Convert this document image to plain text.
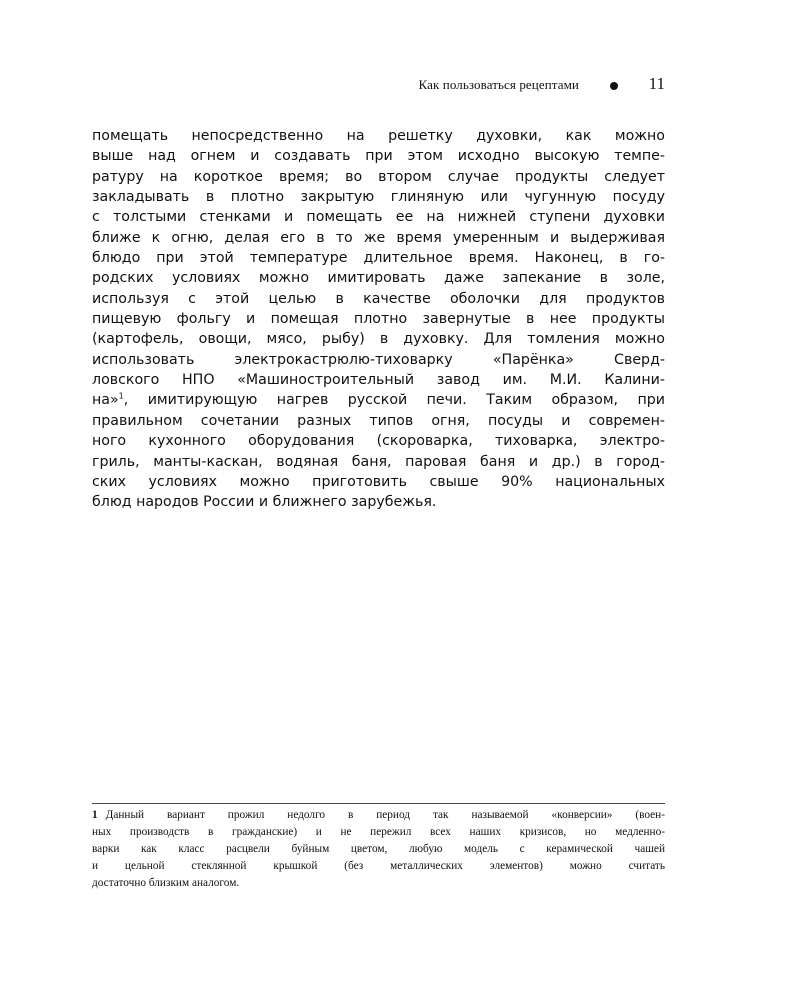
Как пользоваться рецептами	11
помещать непосредственно на решетку духовки, как можно
выше над огнем и создавать при этом исходно высокую темпе-
ратуру на короткое время; во втором случае продукты следует
закладывать в плотно закрытую глиняную или чугунную посуду
с толстыми стенками и помещать ее на нижней ступени духовки
ближе к огню, делая его в то же время умеренным и выдерживая
блюдо при этой температуре длительное время. Наконец, в го-
родских условиях можно имитировать даже запекание в золе,
используя с этой целью в качестве оболочки для продуктов
пищевую фольгу и помещая плотно завернутые в нее продукты
(картофель, овощи, мясо, рыбу) в духовку. Для томления можно
использовать электрокастрюлю-тиховарку «Парёнка» Сверд-
ловского НПО «Машиностроительный завод им. М.И. Калини-
на»$^1$, имитирующую нагрев русской печи. Таким образом, при
правильном сочетании разных типов огня, посуды и современ-
ного кухонного оборудования (скороварка, тиховарка, электро-
гриль, манты-каскан, водяная баня, паровая баня и др.) в город-
ских условиях можно приготовить свыше 90% национальных
блюд народов России и ближнего зарубежья.
1 Данный вариант прожил недолго в период так называемой «конверсии» (воен-
ных производств в гражданские) и не пережил всех наших кризисов, но медленно-
варки как класс расцвели буйным цветом, любую модель с керамической чашей
и цельной стеклянной крышкой (без металлических элементов) можно считать
достаточно близким аналогом.
